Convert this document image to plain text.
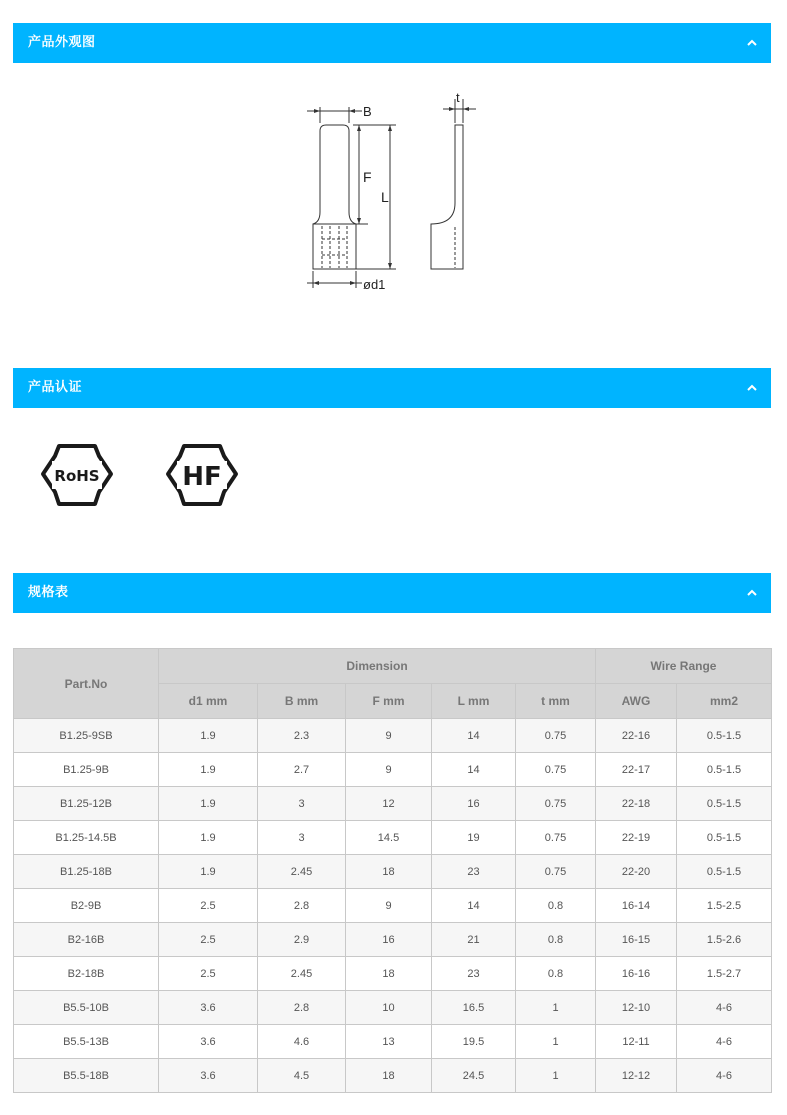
产品外观图
B
F
L
ød1
t
产品认证
RoHS	HF
规格表
Part.No	Dimension					Wire Range	
	d1 mm	B mm	F mm	L mm	t mm	AWG	mm2
B1.25-9SB	1.9	2.3	9	14	0.75	22-16	0.5-1.5
B1.25-9B	1.9	2.7	9	14	0.75	22-17	0.5-1.5
B1.25-12B	1.9	3	12	16	0.75	22-18	0.5-1.5
B1.25-14.5B	1.9	3	14.5	19	0.75	22-19	0.5-1.5
B1.25-18B	1.9	2.45	18	23	0.75	22-20	0.5-1.5
B2-9B	2.5	2.8	9	14	0.8	16-14	1.5-2.5
B2-16B	2.5	2.9	16	21	0.8	16-15	1.5-2.6
B2-18B	2.5	2.45	18	23	0.8	16-16	1.5-2.7
B5.5-10B	3.6	2.8	10	16.5	1	12-10	4-6
B5.5-13B	3.6	4.6	13	19.5	1	12-11	4-6
B5.5-18B	3.6	4.5	18	24.5	1	12-12	4-6
